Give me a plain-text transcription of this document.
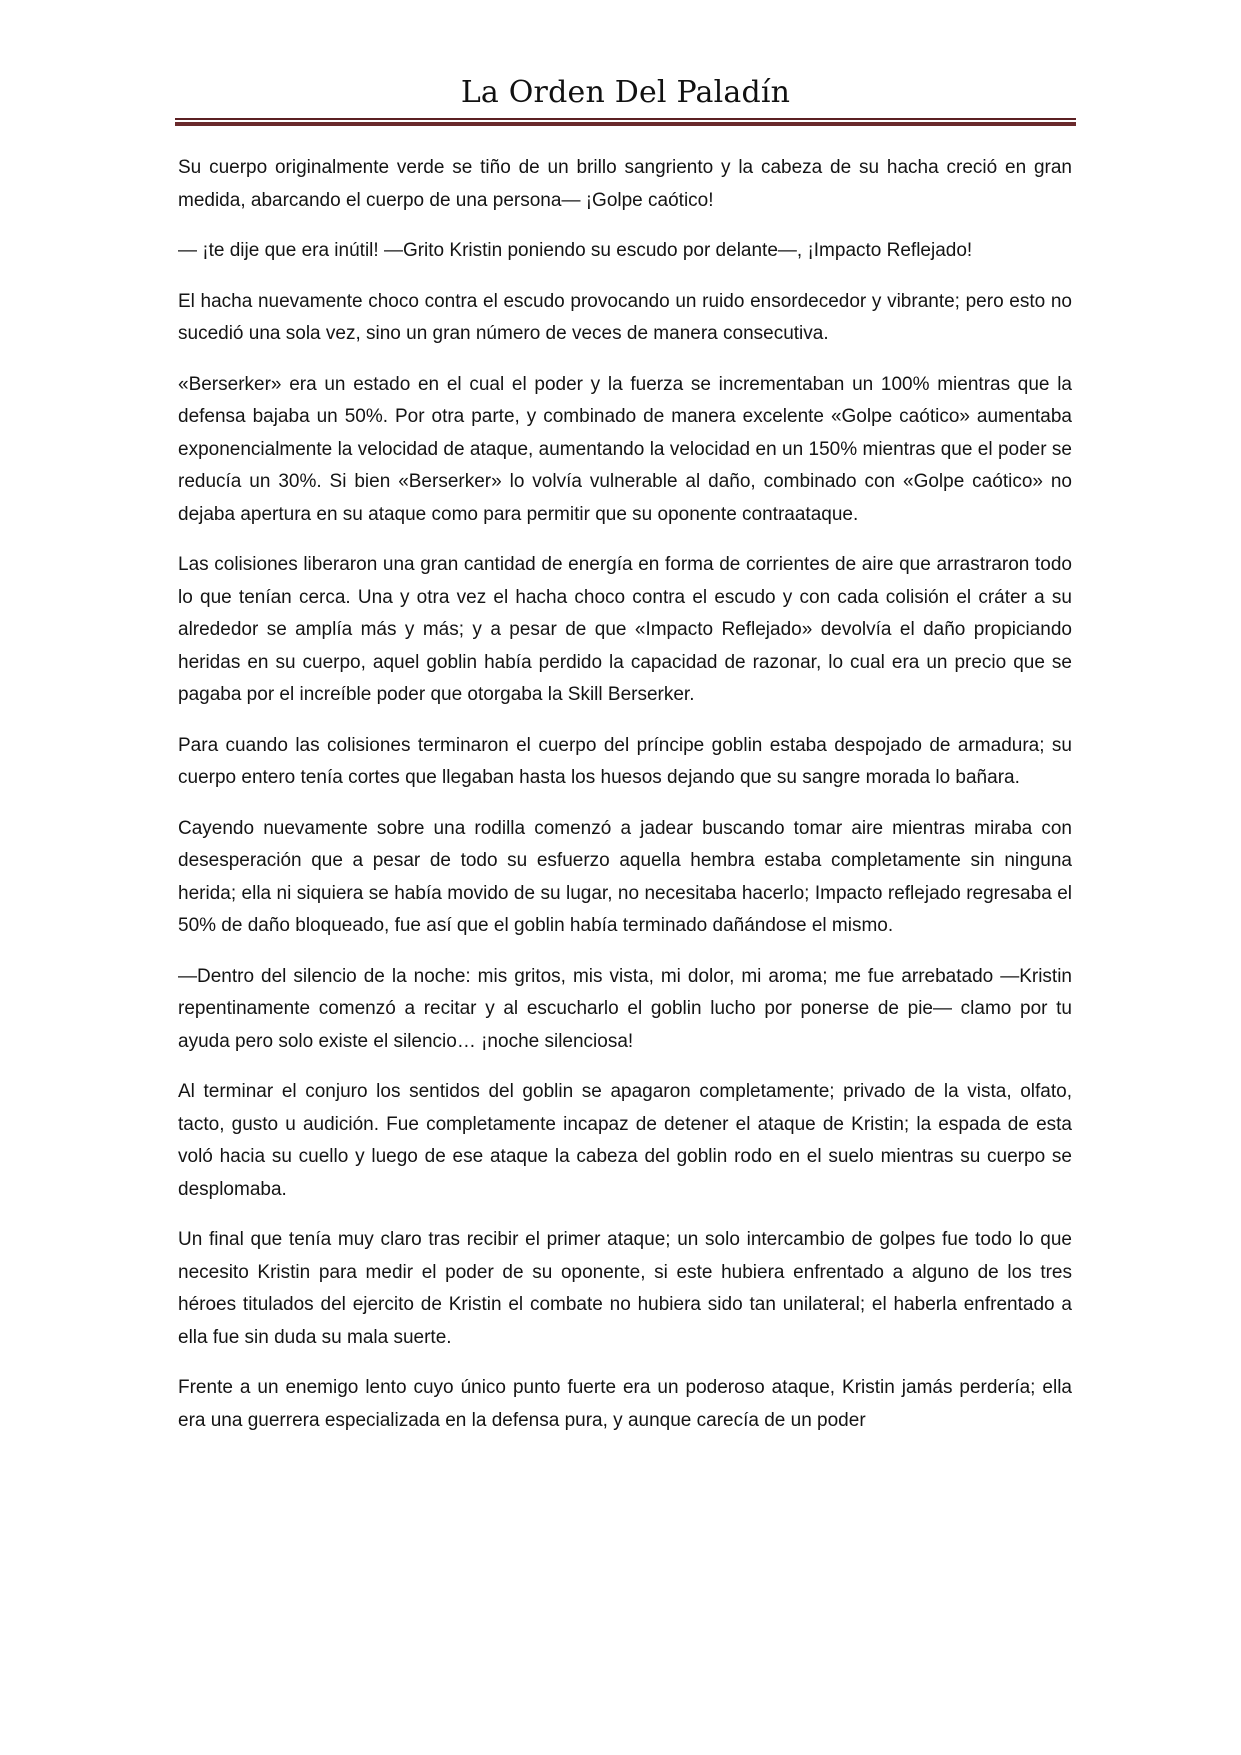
La Orden Del Paladín

Su cuerpo originalmente verde se tiño de un brillo sangriento y la cabeza de su hacha creció en gran medida, abarcando el cuerpo de una persona— ¡Golpe caótico!

— ¡te dije que era inútil! —Grito Kristin poniendo su escudo por delante—, ¡Impacto Reflejado!

El hacha nuevamente choco contra el escudo provocando un ruido ensordecedor y vibrante; pero esto no sucedió una sola vez, sino un gran número de veces de manera consecutiva.

«Berserker» era un estado en el cual el poder y la fuerza se incrementaban un 100% mientras que la defensa bajaba un 50%. Por otra parte, y combinado de manera excelente «Golpe caótico» aumentaba exponencialmente la velocidad de ataque, aumentando la velocidad en un 150% mientras que el poder se reducía un 30%. Si bien «Berserker» lo volvía vulnerable al daño, combinado con «Golpe caótico» no dejaba apertura en su ataque como para permitir que su oponente contraataque.

Las colisiones liberaron una gran cantidad de energía en forma de corrientes de aire que arrastraron todo lo que tenían cerca. Una y otra vez el hacha choco contra el escudo y con cada colisión el cráter a su alrededor se amplía más y más; y a pesar de que «Impacto Reflejado» devolvía el daño propiciando heridas en su cuerpo, aquel goblin había perdido la capacidad de razonar, lo cual era un precio que se pagaba por el increíble poder que otorgaba la Skill Berserker.

Para cuando las colisiones terminaron el cuerpo del príncipe goblin estaba despojado de armadura; su cuerpo entero tenía cortes que llegaban hasta los huesos dejando que su sangre morada lo bañara.

Cayendo nuevamente sobre una rodilla comenzó a jadear buscando tomar aire mientras miraba con desesperación que a pesar de todo su esfuerzo aquella hembra estaba completamente sin ninguna herida; ella ni siquiera se había movido de su lugar, no necesitaba hacerlo; Impacto reflejado regresaba el 50% de daño bloqueado, fue así que el goblin había terminado dañándose el mismo.

—Dentro del silencio de la noche: mis gritos, mis vista, mi dolor, mi aroma; me fue arrebatado —Kristin repentinamente comenzó a recitar y al escucharlo el goblin lucho por ponerse de pie— clamo por tu ayuda pero solo existe el silencio… ¡noche silenciosa!

Al terminar el conjuro los sentidos del goblin se apagaron completamente; privado de la vista, olfato, tacto, gusto u audición. Fue completamente incapaz de detener el ataque de Kristin; la espada de esta voló hacia su cuello y luego de ese ataque la cabeza del goblin rodo en el suelo mientras su cuerpo se desplomaba.

Un final que tenía muy claro tras recibir el primer ataque; un solo intercambio de golpes fue todo lo que necesito Kristin para medir el poder de su oponente, si este hubiera enfrentado a alguno de los tres héroes titulados del ejercito de Kristin el combate no hubiera sido tan unilateral; el haberla enfrentado a ella fue sin duda su mala suerte.

Frente a un enemigo lento cuyo único punto fuerte era un poderoso ataque, Kristin jamás perdería; ella era una guerrera especializada en la defensa pura, y aunque carecía de un poder
